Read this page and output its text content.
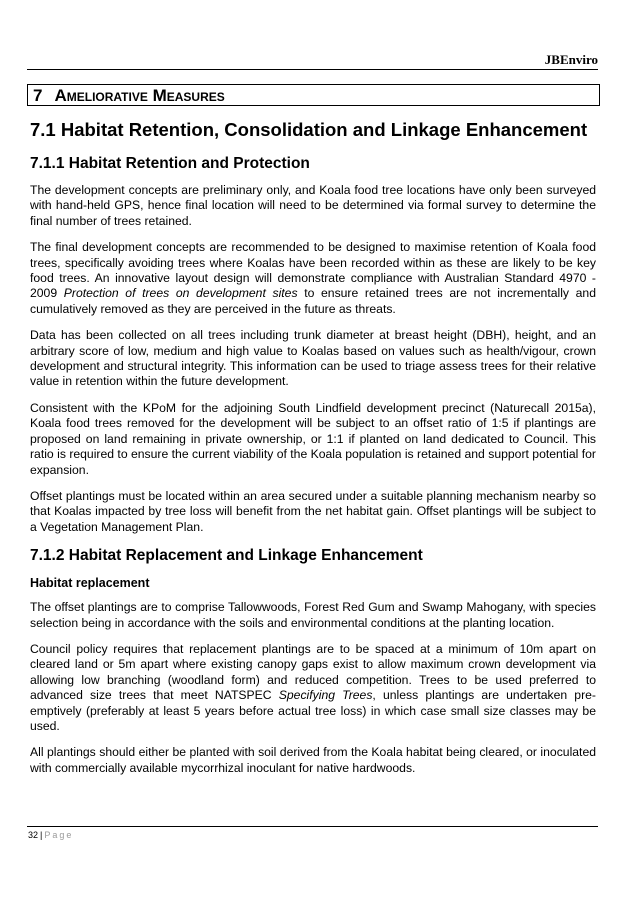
JBEnviro
7 Ameliorative Measures
7.1 Habitat Retention, Consolidation and Linkage Enhancement
7.1.1 Habitat Retention and Protection

The development concepts are preliminary only, and Koala food tree locations have only been surveyed with hand-held GPS, hence final location will need to be determined via formal survey to determine the final number of trees retained.

The final development concepts are recommended to be designed to maximise retention of Koala food trees, specifically avoiding trees where Koalas have been recorded within as these are likely to be key food trees. An innovative layout design will demonstrate compliance with Australian Standard 4970 - 2009 Protection of trees on development sites to ensure retained trees are not incrementally and cumulatively removed as they are perceived in the future as threats.

Data has been collected on all trees including trunk diameter at breast height (DBH), height, and an arbitrary score of low, medium and high value to Koalas based on values such as health/vigour, crown development and structural integrity. This information can be used to triage assess trees for their relative value in retention within the future development.

Consistent with the KPoM for the adjoining South Lindfield development precinct (Naturecall 2015a), Koala food trees removed for the development will be subject to an offset ratio of 1:5 if plantings are proposed on land remaining in private ownership, or 1:1 if planted on land dedicated to Council. This ratio is required to ensure the current viability of the Koala population is retained and support potential for expansion.

Offset plantings must be located within an area secured under a suitable planning mechanism nearby so that Koalas impacted by tree loss will benefit from the net habitat gain. Offset plantings will be subject to a Vegetation Management Plan.

7.1.2 Habitat Replacement and Linkage Enhancement
Habitat replacement

The offset plantings are to comprise Tallowwoods, Forest Red Gum and Swamp Mahogany, with species selection being in accordance with the soils and environmental conditions at the planting location.

Council policy requires that replacement plantings are to be spaced at a minimum of 10m apart on cleared land or 5m apart where existing canopy gaps exist to allow maximum crown development via allowing low branching (woodland form) and reduced competition. Trees to be used preferred to advanced size trees that meet NATSPEC Specifying Trees, unless plantings are undertaken pre-emptively (preferably at least 5 years before actual tree loss) in which case small size classes may be used.

All plantings should either be planted with soil derived from the Koala habitat being cleared, or inoculated with commercially available mycorrhizal inoculant for native hardwoods.

32 | Page
